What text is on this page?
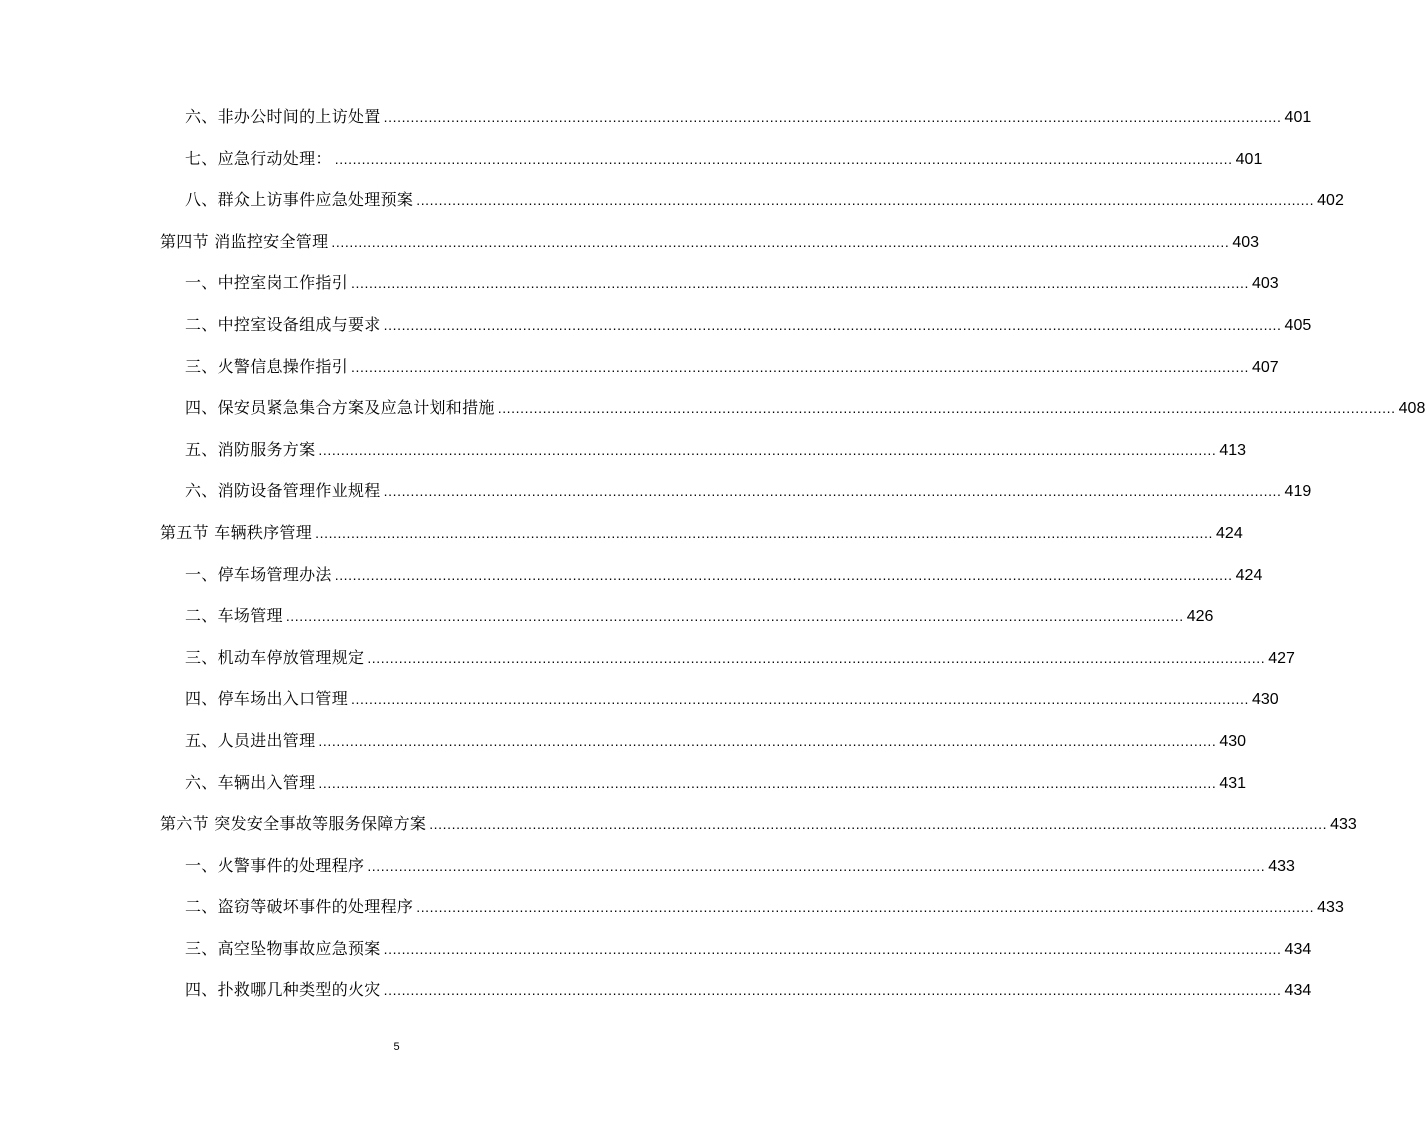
六、非办公时间的上访处置 ........................................................................................................................................................................................................ 401
七、应急行动处理： ........................................................................................................................................................................................................ 401
八、群众上访事件应急处理预案 ........................................................................................................................................................................................................ 402
第四节 消监控安全管理 ........................................................................................................................................................................................................ 403
一、中控室岗工作指引 ........................................................................................................................................................................................................ 403
二、中控室设备组成与要求 ........................................................................................................................................................................................................ 405
三、火警信息操作指引 ........................................................................................................................................................................................................ 407
四、保安员紧急集合方案及应急计划和措施 ........................................................................................................................................................................................................ 408
五、消防服务方案 ........................................................................................................................................................................................................ 413
六、消防设备管理作业规程 ........................................................................................................................................................................................................ 419
第五节 车辆秩序管理 ........................................................................................................................................................................................................ 424
一、停车场管理办法 ........................................................................................................................................................................................................ 424
二、车场管理 ........................................................................................................................................................................................................ 426
三、机动车停放管理规定 ........................................................................................................................................................................................................ 427
四、停车场出入口管理 ........................................................................................................................................................................................................ 430
五、人员进出管理 ........................................................................................................................................................................................................ 430
六、车辆出入管理 ........................................................................................................................................................................................................ 431
第六节 突发安全事故等服务保障方案 ........................................................................................................................................................................................................ 433
一、火警事件的处理程序 ........................................................................................................................................................................................................ 433
二、盗窃等破坏事件的处理程序 ........................................................................................................................................................................................................ 433
三、高空坠物事故应急预案 ........................................................................................................................................................................................................ 434
四、扑救哪几种类型的火灾 ........................................................................................................................................................................................................ 434
5
